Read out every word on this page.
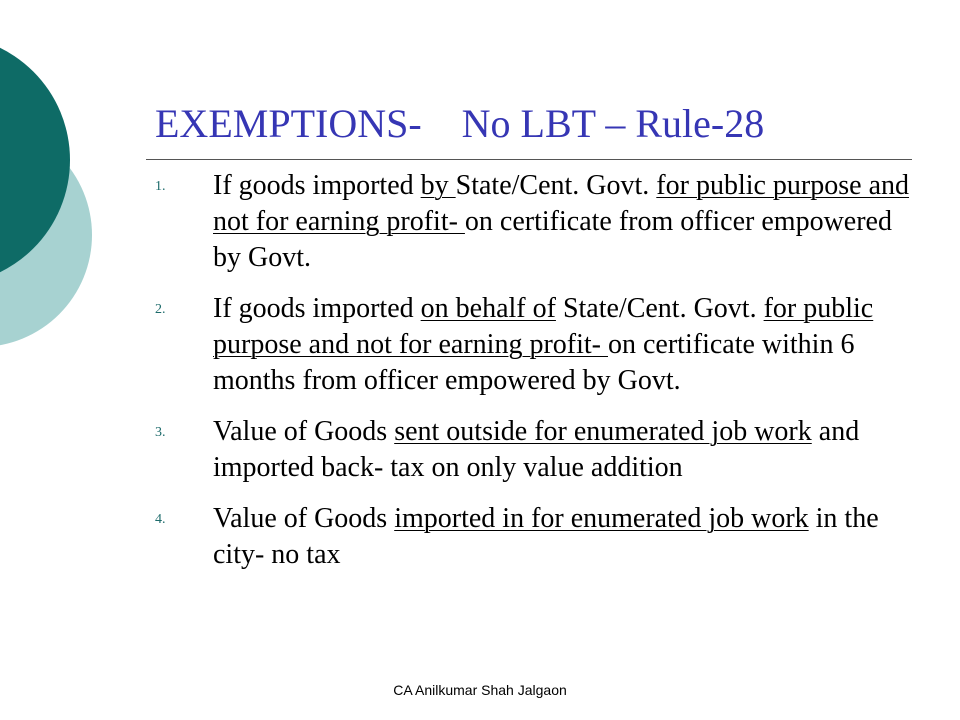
EXEMPTIONS-    No LBT – Rule-28
1. If goods imported by State/Cent. Govt. for public purpose and not for earning profit- on certificate from officer empowered by Govt.
2. If goods imported on behalf of State/Cent. Govt. for public purpose and not for earning profit- on certificate within 6 months from officer empowered by Govt.
3. Value of Goods sent outside for enumerated job work and imported back- tax on only value addition
4. Value of Goods imported in for enumerated job work in the city- no tax
CA Anilkumar Shah Jalgaon
